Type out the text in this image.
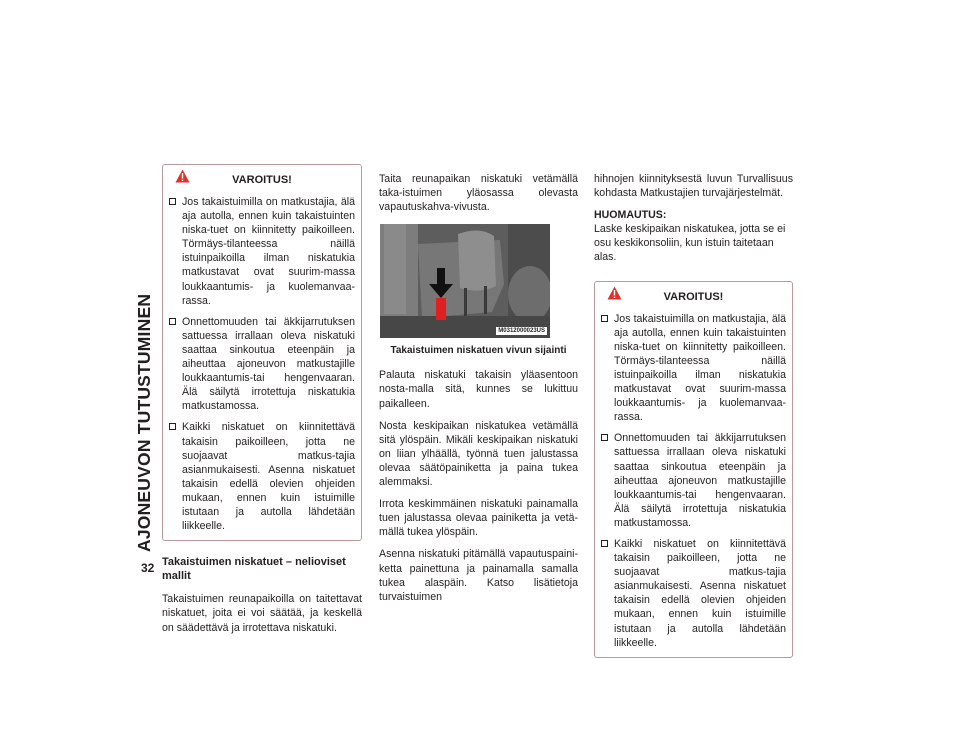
AJONEUVON TUTUSTUMINEN
32
VAROITUS!
Jos takaistuimilla on matkustajia, älä aja autolla, ennen kuin takaistuinten niska-tuet on kiinnitetty paikoilleen. Törmäys-tilanteessa näillä istuinpaikoilla ilman niskatukia matkustavat ovat suurim-massa loukkaantumis- ja kuolemanvaa-rassa.
Onnettomuuden tai äkkijarrutuksen sattuessa irrallaan oleva niskatuki saattaa sinkoutua eteenpäin ja aiheuttaa ajoneuvon matkustajille loukkaantumis-tai hengenvaaran. Älä säilytä irrotettuja niskatukia matkustamossa.
Kaikki niskatuet on kiinnitettävä takaisin paikoilleen, jotta ne suojaavat matkus-tajia asianmukaisesti. Asenna niskatuet takaisin edellä olevien ohjeiden mukaan, ennen kuin istuimille istutaan ja autolla lähdetään liikkeelle.
Takaistuimen niskatuet – nelioviset mallit

Takaistuimen reunapaikoilla on taitettavat niskatuet, joita ei voi säätää, ja keskellä on säädettävä ja irrotettava niskatuki.

Taita reunapaikan niskatuki vetämällä taka-istuimen yläosassa olevasta vapautuskahva-vivusta.

M0312000023US
Takaistuimen niskatuen vivun sijainti

Palauta niskatuki takaisin yläasentoon nosta-malla sitä, kunnes se lukittuu paikalleen.

Nosta keskipaikan niskatukea vetämällä sitä ylöspäin. Mikäli keskipaikan niskatuki on liian ylhäällä, työnnä tuen jalustassa olevaa säätöpainiketta ja paina tukea alemmaksi.

Irrota keskimmäinen niskatuki painamalla tuen jalustassa olevaa painiketta ja vetä-mällä tukea ylöspäin.

Asenna niskatuki pitämällä vapautuspaini-ketta painettuna ja painamalla samalla tukea alaspäin. Katso lisätietoja turvaistuimen

hihnojen kiinnityksestä luvun Turvallisuus kohdasta Matkustajien turvajärjestelmät.

HUOMAUTUS:
Laske keskipaikan niskatukea, jotta se ei osu keskikonsoliin, kun istuin taitetaan alas.
VAROITUS!
Jos takaistuimilla on matkustajia, älä aja autolla, ennen kuin takaistuinten niska-tuet on kiinnitetty paikoilleen. Törmäys-tilanteessa näillä istuinpaikoilla ilman niskatukia matkustavat ovat suurim-massa loukkaantumis- ja kuolemanvaa-rassa.
Onnettomuuden tai äkkijarrutuksen sattuessa irrallaan oleva niskatuki saattaa sinkoutua eteenpäin ja aiheuttaa ajoneuvon matkustajille loukkaantumis-tai hengenvaaran. Älä säilytä irrotettuja niskatukia matkustamossa.
Kaikki niskatuet on kiinnitettävä takaisin paikoilleen, jotta ne suojaavat matkus-tajia asianmukaisesti. Asenna niskatuet takaisin edellä olevien ohjeiden mukaan, ennen kuin istuimille istutaan ja autolla lähdetään liikkeelle.
